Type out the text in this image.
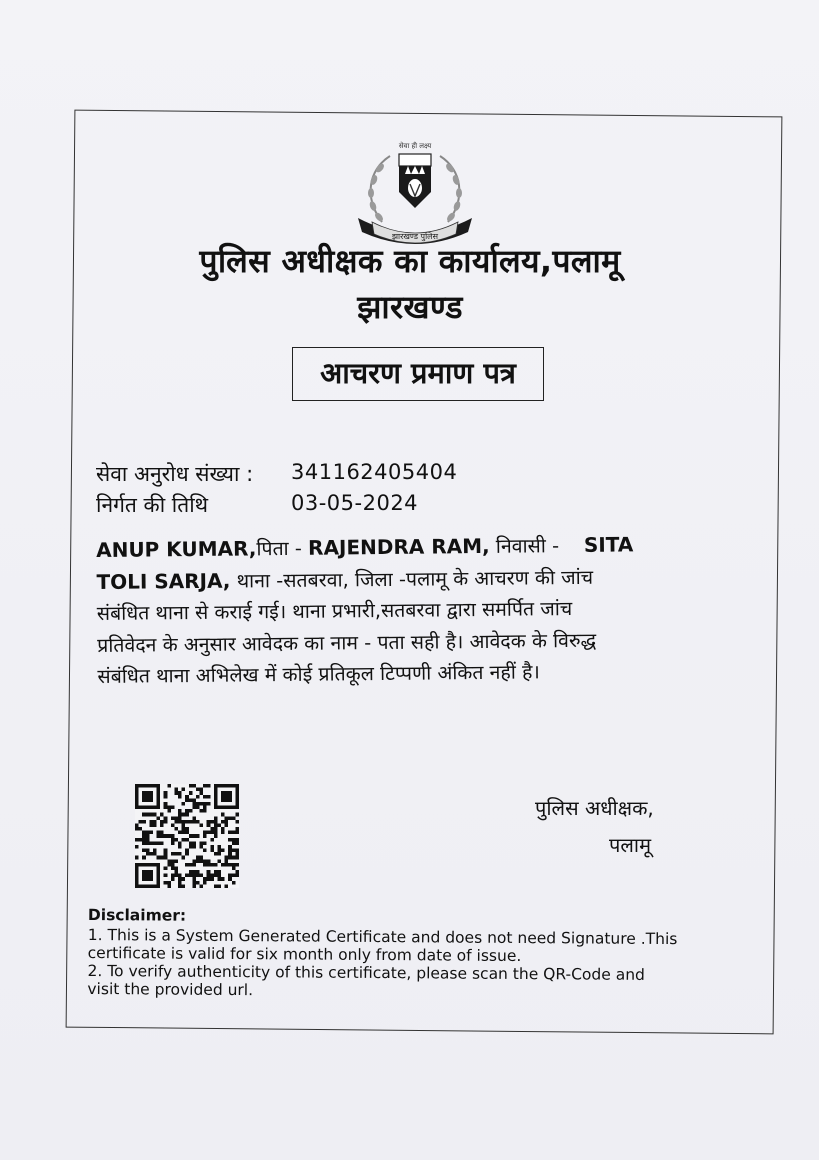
सेवा ही लक्ष्य
झारखण्ड पुलिस
पुलिस अधीक्षक का कार्यालय,पलामू
झारखण्ड
आचरण प्रमाण पत्र
सेवा अनुरोध संख्या : 341162405404
निर्गत की तिथि	03-05-2024
ANUP KUMAR,पिता - RAJENDRA RAM, निवासी -    SITA
TOLI SARJA, थाना -सतबरवा, जिला -पलामू के आचरण की जांच
संबंधित थाना से कराई गई। थाना प्रभारी,सतबरवा द्वारा समर्पित जांच
प्रतिवेदन के अनुसार आवेदक का नाम - पता सही है। आवेदक के विरुद्ध
संबंधित थाना अभिलेख में कोई प्रतिकूल टिप्पणी अंकित नहीं है।
पुलिस अधीक्षक,
पलामू
Disclaimer:
1. This is a System Generated Certificate and does not need Signature .This
certificate is valid for six month only from date of issue.
2. To verify authenticity of this certificate, please scan the QR-Code and
visit the provided url.
